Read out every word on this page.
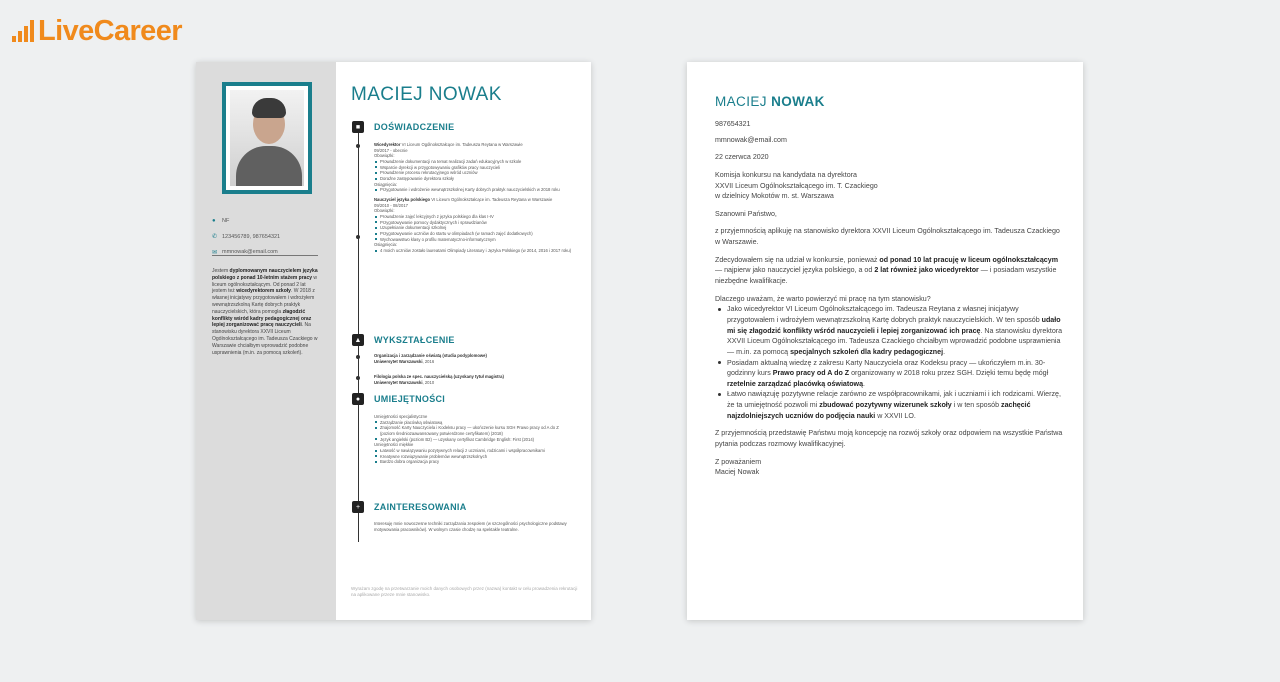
LiveCareer
●	NF
✆ 123456789, 987654321
✉ mmnowak@email.com
Jestem dyplomowanym nauczycielem języka polskiego z ponad 10-letnim stażem pracy w liceum ogólnokształcącym. Od ponad 2 lat jestem też wicedyrektorem szkoły. W 2018 z własnej inicjatywy przygotowałem i wdrożyłem wewnątrzszkolną Kartę dobrych praktyk nauczycielskich, która pomogła złagodzić konflikty wśród kadry pedagogicznej oraz lepiej zorganizować pracę nauczycieli. Na stanowisku dyrektora XXVII Liceum Ogólnokształcącego im. Tadeusza Czackiego w Warszawie chciałbym wprowadzić podobne usprawnienia (m.in. za pomocą szkoleń).
MACIEJ NOWAK
■	DOŚWIADCZENIE
Wicedyrektor VI Liceum Ogólnokształcące im. Tadeusza Reytana w Warszawie
09/2017 - obecnie
Obowiązki:
Prowadzenie dokumentacji na temat realizacji zadań edukacyjnych w szkole
Wsparcie dyrekcji w przygotowywaniu grafików pracy nauczycieli
Prowadzenie procesu rekrutacyjnego wśród uczniów
Doraźne zastępowanie dyrektora szkoły
Osiągnięcia:
Przygotowanie i wdrożenie wewnątrzszkolnej Karty dobrych praktyk nauczycielskich w 2018 roku
Nauczyciel języka polskiego VI Liceum Ogólnokształcące im. Tadeusza Reytana w Warszawie
09/2010 - 08/2017
Obowiązki:
Prowadzenie zajęć lekcyjnych z języka polskiego dla klas I-IV
Przygotowywanie pomocy dydaktycznych i sprawdzianów
Uzupełnianie dokumentacji szkolnej
Przygotowywanie uczniów do startu w olimpiadach (w ramach zajęć dodatkowych)
Wychowawstwo klasy o profilu matematyczno-informatycznym
Osiągnięcia:
4 moich uczniów zostało laureatami Olimpiady Literatury i Języka Polskiego (w 2014, 2016 i 2017 roku)
▲ WYKSZTAŁCENIE
Organizacja i zarządzanie oświatą (studia podyplomowe)
Uniwersytet Warszawski, 2016
Filologia polska ze spec. nauczycielską (uzyskany tytuł magistra)
Uniwersytet Warszawski, 2010
●	UMIEJĘTNOŚCI
Umiejętności specjalistyczne
Zarządzanie placówką oświatową
Znajomość Karty Nauczyciela i Kodeksu pracy — ukończenie kursu SGH Prawo pracy od A do Z (poziom średniozaawansowany potwierdzone certyfikatem) (2018)
Język angielski (poziom B2) — uzyskany certyfikat Cambridge English: First (2014)
Umiejętności miękkie
Łatwość w nawiązywaniu pozytywnych relacji z uczniami, rodzicami i współpracownikami
Kreatywne rozwiązywanie problemów wewnątrzszkolnych
Bardzo dobra organizacja pracy
+	ZAINTERESOWANIA
Interesuję mnie nowoczesne techniki zarządzania zespołem (w szczególności psychologiczne podstawy motywowania pracowników). W wolnym czasie chodzę na spektakle teatralne.
Wyrażam zgodę na przetwarzanie moich danych osobowych przez (nazwa) kontakt w celu prowadzenia rekrutacji na aplikowane przeze mnie stanowisko.
MACIEJ NOWAK

987654321

mmnowak@email.com

22 czerwca 2020

Komisja konkursu na kandydata na dyrektora
XXVII Liceum Ogólnokształcącego im. T. Czackiego
w dzielnicy Mokotów m. st. Warszawa

Szanowni Państwo,

z przyjemnością aplikuję na stanowisko dyrektora XXVII Liceum Ogólnokształcącego im. Tadeusza Czackiego w Warszawie.

Zdecydowałem się na udział w konkursie, ponieważ od ponad 10 lat pracuję w liceum ogólnokształcącym — najpierw jako nauczyciel języka polskiego, a od 2 lat również jako wicedyrektor — i posiadam wszystkie niezbędne kwalifikacje.

Dlaczego uważam, że warto powierzyć mi pracę na tym stanowisku?

Jako wicedyrektor VI Liceum Ogólnokształcącego im. Tadeusza Reytana z własnej inicjatywy przygotowałem i wdrożyłem wewnątrzszkolną Kartę dobrych praktyk nauczycielskich. W ten sposób udało mi się złagodzić konflikty wśród nauczycieli i lepiej zorganizować ich pracę. Na stanowisku dyrektora XXVII Liceum Ogólnokształcącego im. Tadeusza Czackiego chciałbym wprowadzić podobne usprawnienia — m.in. za pomocą specjalnych szkoleń dla kadry pedagogicznej.
Posiadam aktualną wiedzę z zakresu Karty Nauczyciela oraz Kodeksu pracy — ukończyłem m.in. 30-godzinny kurs Prawo pracy od A do Z organizowany w 2018 roku przez SGH. Dzięki temu będę mógł rzetelnie zarządzać placówką oświatową.
Łatwo nawiązuję pozytywne relacje zarówno ze współpracownikami, jak i uczniami i ich rodzicami. Wierzę, że ta umiejętność pozwoli mi zbudować pozytywny wizerunek szkoły i w ten sposób zachęcić najzdolniejszych uczniów do podjęcia nauki w XXVII LO.

Z przyjemnością przedstawię Państwu moją koncepcję na rozwój szkoły oraz odpowiem na wszystkie Państwa pytania podczas rozmowy kwalifikacyjnej.

Z poważaniem

Maciej Nowak
